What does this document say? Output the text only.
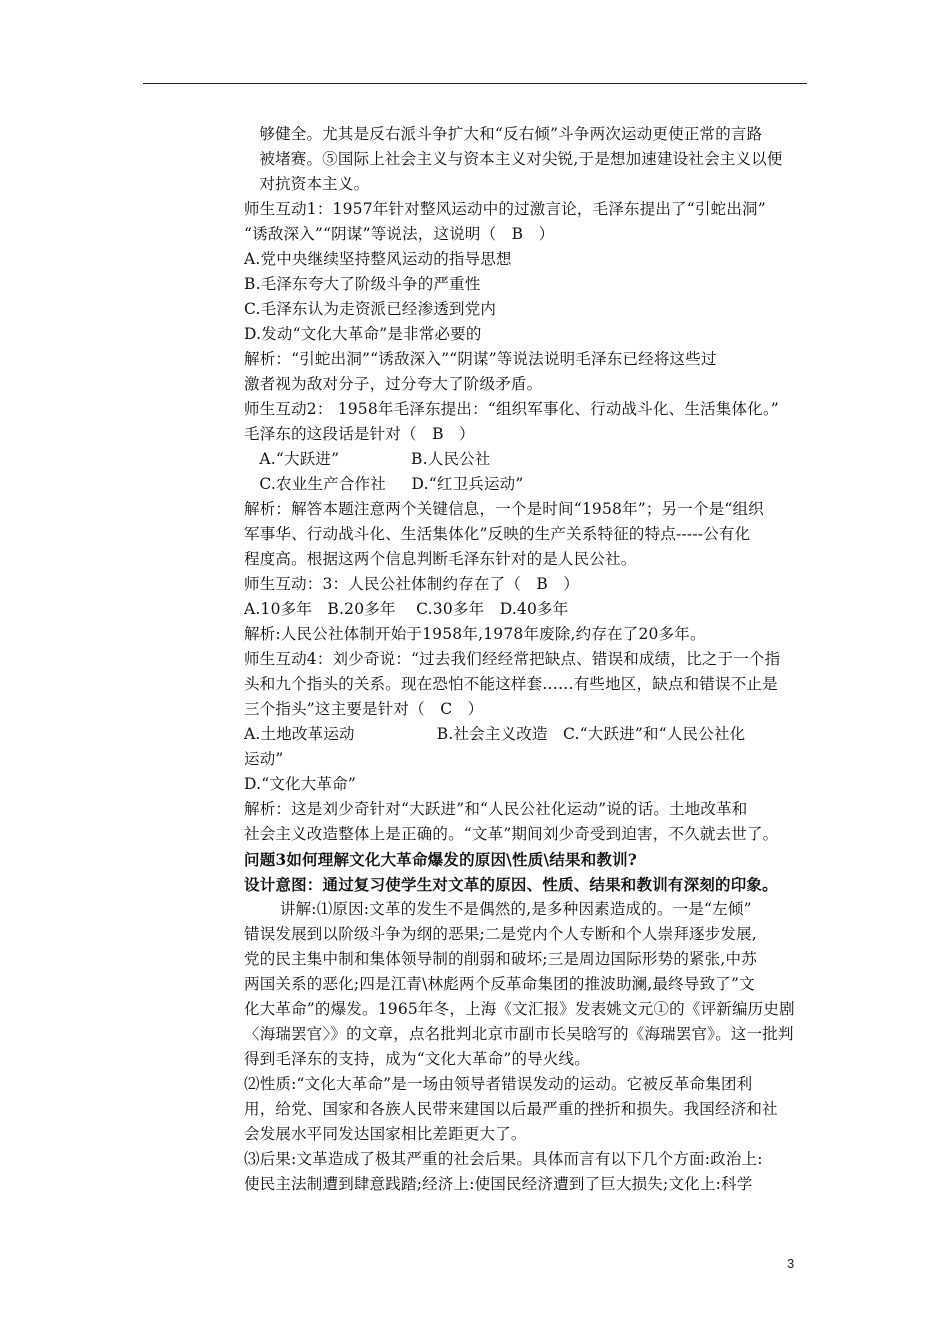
够健全。尤其是反右派斗争扩大和“反右倾”斗争两次运动更使正常的言路
被堵赛。⑤国际上社会主义与资本主义对尖锐,于是想加速建设社会主义以便
对抗资本主义。
师生互动1：1957年针对整风运动中的过激言论，毛泽东提出了“引蛇出洞”
“诱敌深入”“阴谋”等说法，这说明（   B   ）
A.党中央继续坚持整风运动的指导思想
B.毛泽东夸大了阶级斗争的严重性
C.毛泽东认为走资派已经渗透到党内
D.发动“文化大革命”是非常必要的
解析：“引蛇出洞”“诱敌深入”“阴谋”等说法说明毛泽东已经将这些过
激者视为敌对分子，过分夸大了阶级矛盾。
师生互动2： 1958年毛泽东提出：“组织军事化、行动战斗化、生活集体化。”
毛泽东的这段话是针对（   B   ）
A.“大跃进”              B.人民公社
C.农业生产合作社     D.“红卫兵运动”
解析：解答本题注意两个关键信息，一个是时间“1958年”；另一个是“组织
军事华、行动战斗化、生活集体化”反映的生产关系特征的特点-----公有化
程度高。根据这两个信息判断毛泽东针对的是人民公社。
师生互动：3：人民公社体制约存在了（   B   ）
A.10多年   B.20多年    C.30多年   D.40多年
解析:人民公社体制开始于1958年,1978年废除,约存在了20多年。
师生互动4：刘少奇说：“过去我们经经常把缺点、错误和成绩，比之于一个指
头和九个指头的关系。现在恐怕不能这样套……有些地区，缺点和错误不止是
三个指头”这主要是针对（   C   ）
A.土地改革运动                B.社会主义改造   C.“大跃进”和“人民公社化
运动”
D.“文化大革命”
解析：这是刘少奇针对“大跃进”和“人民公社化运动”说的话。土地改革和
社会主义改造整体上是正确的。“文革”期间刘少奇受到迫害，不久就去世了。
问题3如何理解文化大革命爆发的原因\性质\结果和教训?
设计意图：通过复习使学生对文革的原因、性质、结果和教训有深刻的印象。
讲解:⑴原因:文革的发生不是偶然的,是多种因素造成的。一是“左倾”
错误发展到以阶级斗争为纲的恶果;二是党内个人专断和个人崇拜逐步发展,
党的民主集中制和集体领导制的削弱和破坏;三是周边国际形势的紧张,中苏
两国关系的恶化;四是江青\林彪两个反革命集团的推波助澜,最终导致了”文
化大革命”的爆发。1965年冬，上海《文汇报》发表姚文元①的《评新编历史剧
〈海瑞罢官〉》的文章，点名批判北京市副市长吴晗写的《海瑞罢官》。这一批判
得到毛泽东的支持，成为“文化大革命”的导火线。
⑵性质:“文化大革命”是一场由领导者错误发动的运动。它被反革命集团利
用，给党、国家和各族人民带来建国以后最严重的挫折和损失。我国经济和社
会发展水平同发达国家相比差距更大了。
⑶后果:文革造成了极其严重的社会后果。具体而言有以下几个方面:政治上:
使民主法制遭到肆意践踏;经济上:使国民经济遭到了巨大损失;文化上:科学
3
